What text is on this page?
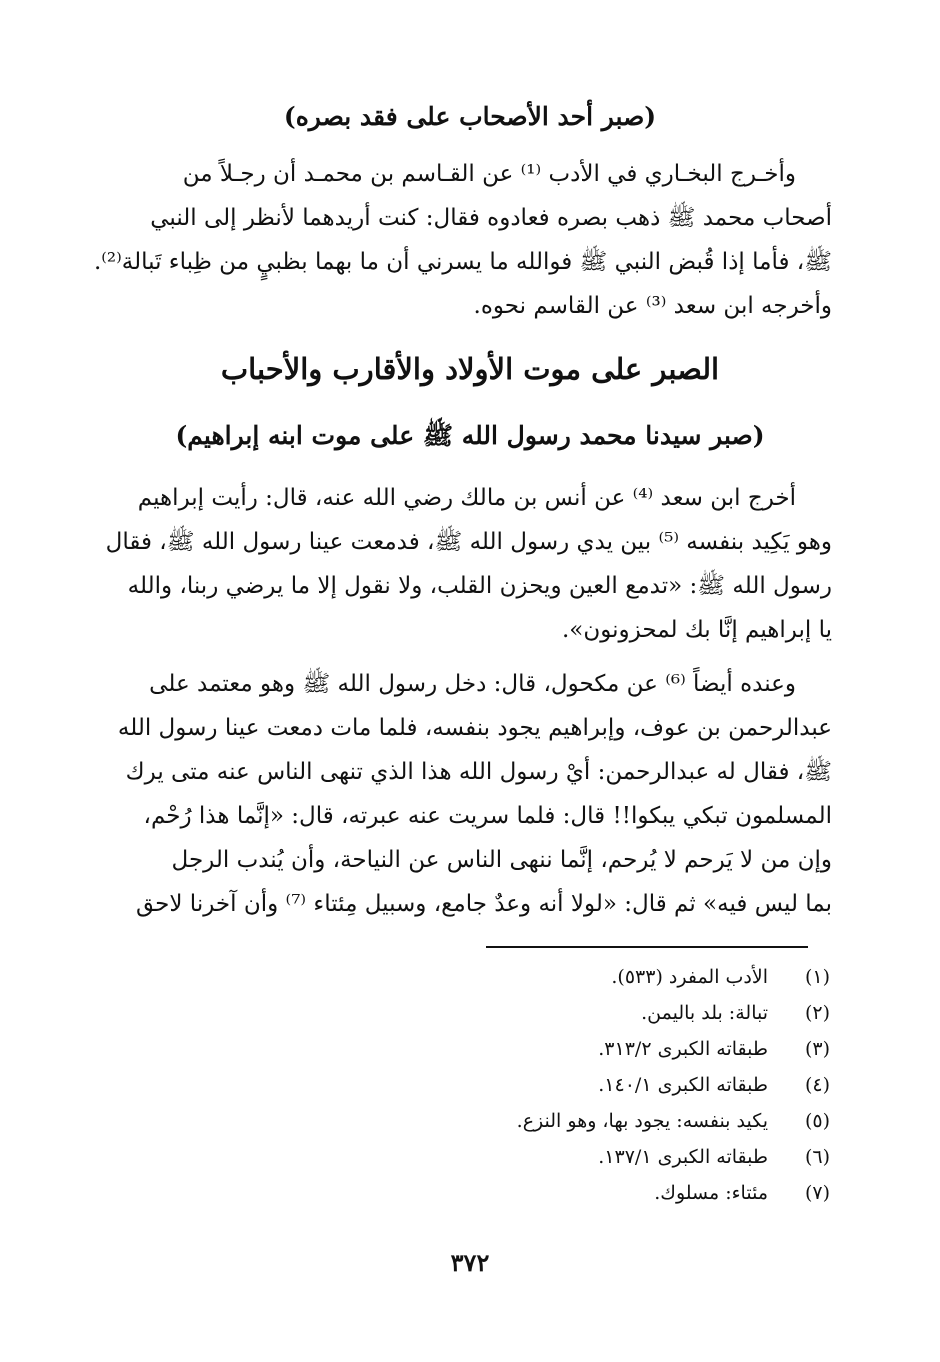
(صبر أحد الأصحاب على فقد بصره)
وأخـرج البخـاري في الأدب ⁽¹⁾ عن القـاسم بن محمـد أن رجـلاً من
أصحاب محمد ﷺ ذهب بصره فعادوه فقال: كنت أريدهما لأنظر إلى النبي
ﷺ، فأما إذا قُبض النبي ﷺ فوالله ما يسرني أن ما بهما بظبيٍ من ظِباء تَبالة⁽²⁾.
وأخرجه ابن سعد ⁽³⁾ عن القاسم نحوه.
الصبر على موت الأولاد والأقارب والأحباب
(صبر سيدنا محمد رسول الله ﷺ على موت ابنه إبراهيم)
أخرج ابن سعد ⁽⁴⁾ عن أنس بن مالك رضي الله عنه، قال: رأيت إبراهيم
وهو يَكِيد بنفسه ⁽⁵⁾ بين يدي رسول الله ﷺ، فدمعت عينا رسول الله ﷺ، فقال
رسول الله ﷺ: «تدمع العين ويحزن القلب، ولا نقول إلا ما يرضي ربنا، والله
يا إبراهيم إنَّا بك لمحزونون».
وعنده أيضاً ⁽⁶⁾ عن مكحول، قال: دخل رسول الله ﷺ وهو معتمد على
عبدالرحمن بن عوف، وإبراهيم يجود بنفسه، فلما مات دمعت عينا رسول الله
ﷺ، فقال له عبدالرحمن: أيْ رسول الله هذا الذي تنهى الناس عنه متى يرك
المسلمون تبكي يبكوا!! قال: فلما سريت عنه عبرته، قال: «إنَّما هذا رُحْم،
وإن من لا يَرحم لا يُرحم، إنَّما ننهى الناس عن النياحة، وأن يُندب الرجل
بما ليس فيه» ثم قال: «لولا أنه وعدٌ جامع، وسبيل مِئتاء ⁽⁷⁾ وأن آخرنا لاحق
(١)
الأدب المفرد (٥٣٣).
(٢)
تبالة: بلد باليمن.
(٣)
طبقاته الكبرى ٣١٣/٢.
(٤)
طبقاته الكبرى ١٤٠/١.
(٥)
يكيد بنفسه: يجود بها، وهو النزع.
(٦)
طبقاته الكبرى ١٣٧/١.
(٧)
مئتاء: مسلوك.
٣٧٢
